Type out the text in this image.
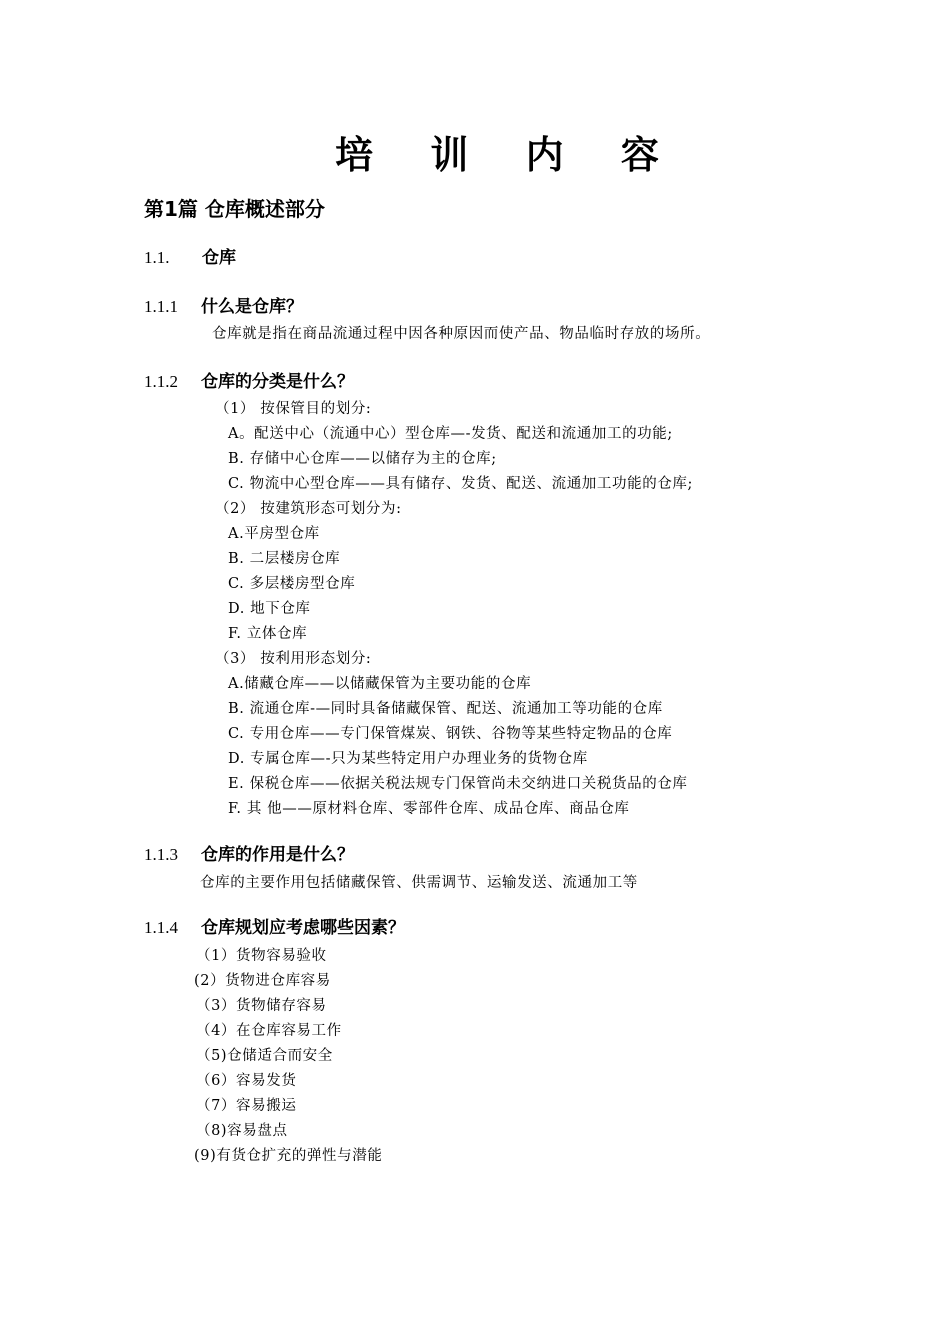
培 训 内 容
第1篇 仓库概述部分
1.1. 仓库
1.1.1 什么是仓库？
仓库就是指在商品流通过程中因各种原因而使产品、物品临时存放的场所。
1.1.2 仓库的分类是什么？
（1） 按保管目的划分:
A。配送中心（流通中心）型仓库—-发货、配送和流通加工的功能;
B. 存储中心仓库——以储存为主的仓库;
C. 物流中心型仓库——具有储存、发货、配送、流通加工功能的仓库;
（2） 按建筑形态可划分为:
A.平房型仓库
B. 二层楼房仓库
C. 多层楼房型仓库
D. 地下仓库
F. 立体仓库
（3） 按利用形态划分:
A.储藏仓库——以储藏保管为主要功能的仓库
B. 流通仓库-—同时具备储藏保管、配送、流通加工等功能的仓库
C. 专用仓库——专门保管煤炭、钢铁、谷物等某些特定物品的仓库
D. 专属仓库—-只为某些特定用户办理业务的货物仓库
E. 保税仓库——依据关税法规专门保管尚未交纳进口关税货品的仓库
F. 其 他——原材料仓库、零部件仓库、成品仓库、商品仓库
1.1.3 仓库的作用是什么？
仓库的主要作用包括储藏保管、供需调节、运输发送、流通加工等
1.1.4 仓库规划应考虑哪些因素？
（1）货物容易验收
(2）货物进仓库容易
（3）货物储存容易
（4）在仓库容易工作
（5)仓储适合而安全
（6）容易发货
（7）容易搬运
（8)容易盘点
(9)有货仓扩充的弹性与潜能
